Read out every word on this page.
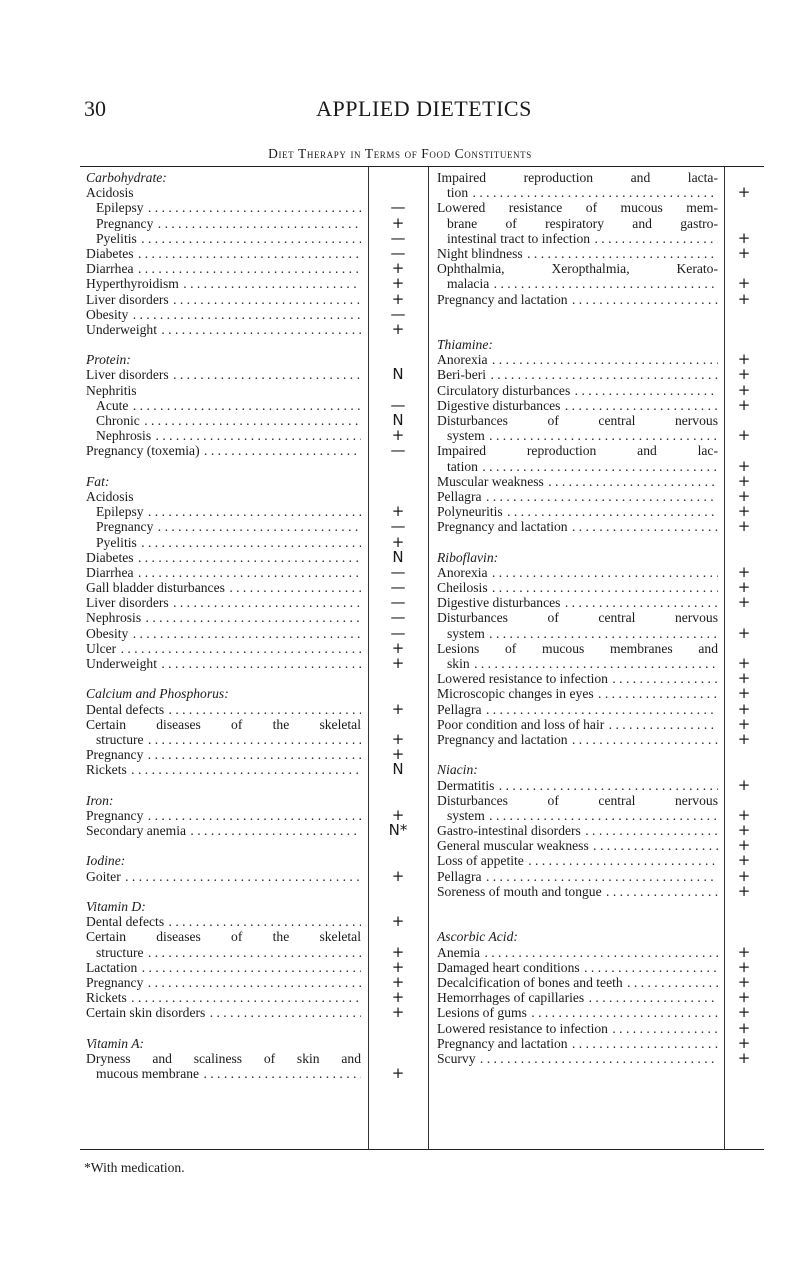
30	APPLIED DIETETICS
Diet Therapy in Terms of Food Constituents
Carbohydrate:
Acidosis
Epilepsy . . .
Pregnancy . . .
Pyelitis . . .
Diabetes . . .
Diarrhea . . .
Hyperthyroidism . . .
Liver disorders . . .
Obesity . . .
Underweight . . .
Protein:
Liver disorders . . .
Nephritis
Acute . . .
Chronic . . .
Nephrosis . . .
Pregnancy (toxemia) . . .
Fat:
Acidosis
Epilepsy . . .
Pregnancy . . .
Pyelitis . . .
Diabetes . . .
Diarrhea . . .
Gall bladder disturbances . . .
Liver disorders . . .
Nephrosis . . .
Obesity . . .
Ulcer . . .
Underweight . . .
Calcium and Phosphorus:
Dental defects . . .
Certain diseases of the skeletal
structure . . .
Pregnancy . . .
Rickets . . .
Iron:
Pregnancy . . .
Secondary anemia . . .
Iodine:
Goiter . . .
Vitamin D:
Dental defects . . .
Certain diseases of the skeletal
structure . . .
Lactation . . .
Pregnancy . . .
Rickets . . .
Certain skin disorders . . .
Vitamin A:
Dryness and scaliness of skin and
mucous membrane . . .
—
+
—
—
+
+
+
—
+
N
—
N
+
—
+
—
+
N
—
—
—
—
—
+
+
+
+
+
N
+
N*
+
+
+
+
+
+
+
+
Impaired reproduction and lacta-
tion . . .
Lowered resistance of mucous mem-
brane of respiratory and gastro-
intestinal tract to infection . . .
Night blindness . . .
Ophthalmia, Xeropthalmia, Kerato-
malacia . . .
Pregnancy and lactation . . .
Thiamine:
Anorexia . . .
Beri-beri . . .
Circulatory disturbances . . .
Digestive disturbances . . .
Disturbances of central nervous
system . . .
Impaired reproduction and lac-
tation . . .
Muscular weakness . . .
Pellagra . . .
Polyneuritis . . .
Pregnancy and lactation . . .
Riboflavin:
Anorexia . . .
Cheilosis . . .
Digestive disturbances . . .
Disturbances of central nervous
system . . .
Lesions of mucous membranes and
skin . . .
Lowered resistance to infection . . .
Microscopic changes in eyes . . .
Pellagra . . .
Poor condition and loss of hair . . .
Pregnancy and lactation . . .
Niacin:
Dermatitis . . .
Disturbances of central nervous
system . . .
Gastro-intestinal disorders . . .
General muscular weakness . . .
Loss of appetite . . .
Pellagra . . .
Soreness of mouth and tongue . . .
Ascorbic Acid:
Anemia . . .
Damaged heart conditions . . .
Decalcification of bones and teeth . . .
Hemorrhages of capillaries . . .
Lesions of gums . . .
Lowered resistance to infection . . .
Pregnancy and lactation . . .
Scurvy . . .
+
+
+
+
+
+
+
+
+
+
+
+
+
+
+
+
+
+
+
+
+
+
+
+
+
+
+
+
+
+
+
+
+
+
+
+
+
+
+
+
*With medication.
